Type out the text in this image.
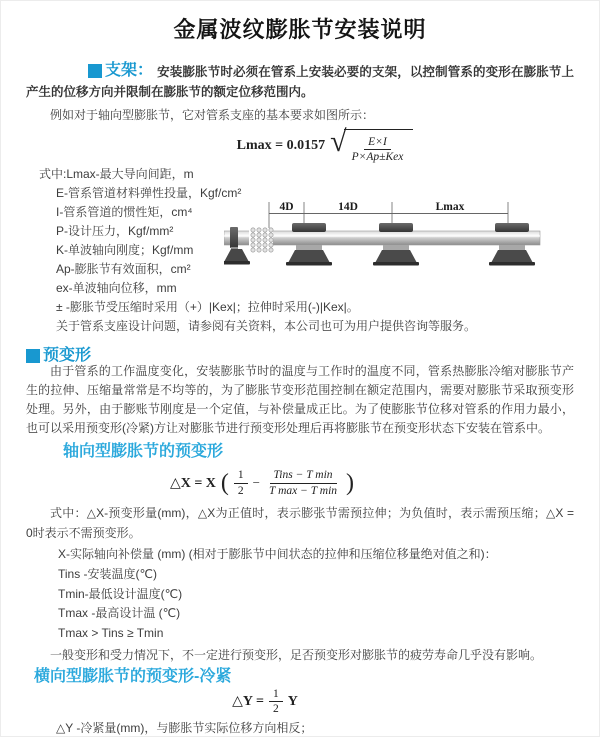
金属波纹膨胀节安装说明

支架： 安装膨胀节时必须在管系上安装必要的支架，以控制管系的变形在膨胀节上产生的位移方向并限制在膨胀节的额定位移范围内。

例如对于轴向型膨胀节，它对管系支座的基本要求如图所示：

Lmax = 0.0157 √ $\frac{E\times I}{\text{P×Ap±Kex}}$
式中:Lmax-最大导向间距，m
E-管系管道材料弹性投量，Kgf/cm²
I-管系管道的惯性矩，cm⁴
P-设计压力，Kgf/mm²
K-单波轴向刚度；Kgf/mm
Ap-膨胀节有效面积，cm²
ex-单波轴向位移，mm
± -膨胀节受压缩时采用（+）|Kex|；拉伸时采用(-)|Kex|。
关于管系支座设计问题，请参阅有关资料，本公司也可为用户提供咨询等服务。
4D	14D	Lmax
预变形

由于管系的工作温度变化，安装膨胀节时的温度与工作时的温度不同，管系热膨胀冷缩对膨胀节产生的拉伸、压缩量常常是不均等的，为了膨胀节变形范围控制在额定范围内，需要对膨胀节采取预变形处理。另外，由于膨账节刚度是一个定值，与补偿量成正比。为了使膨胀节位移对管系的作用力最小，也可以采用预变形(冷紧)方让对膨胀节进行预变形处理后再将膨胀节在预变形状态下安装在管系中。

轴向型膨胀节的预变形
△X = X ( $\frac{1}{2} - \frac{\text{Tins − T min}}{\text{T max − T min}}$ )

式中：△X-预变形量(mm)，△X为正值时，表示膨张节需预拉伸；为负值时，表示需预压缩；△X = 0时表示不需预变形。

X-实际轴向补偿量 (mm) (相对于膨胀节中间状态的拉伸和压缩位移量绝对值之和)：
Tins -安装温度(℃)
Tmin-最低设计温度(℃)
Tmax -最高设计温 (℃)
Tmax > Tins ≥ Tmin

一般变形和受力情况下，不一定进行预变形，足否预变形对膨胀节的疲劳寿命几乎没有影响。

横向型膨胀节的预变形-冷紧
△Y = $\frac{1}{2}$ Y

△Y -冷紧量(mm)，与膨胀节实际位移方向相反；
